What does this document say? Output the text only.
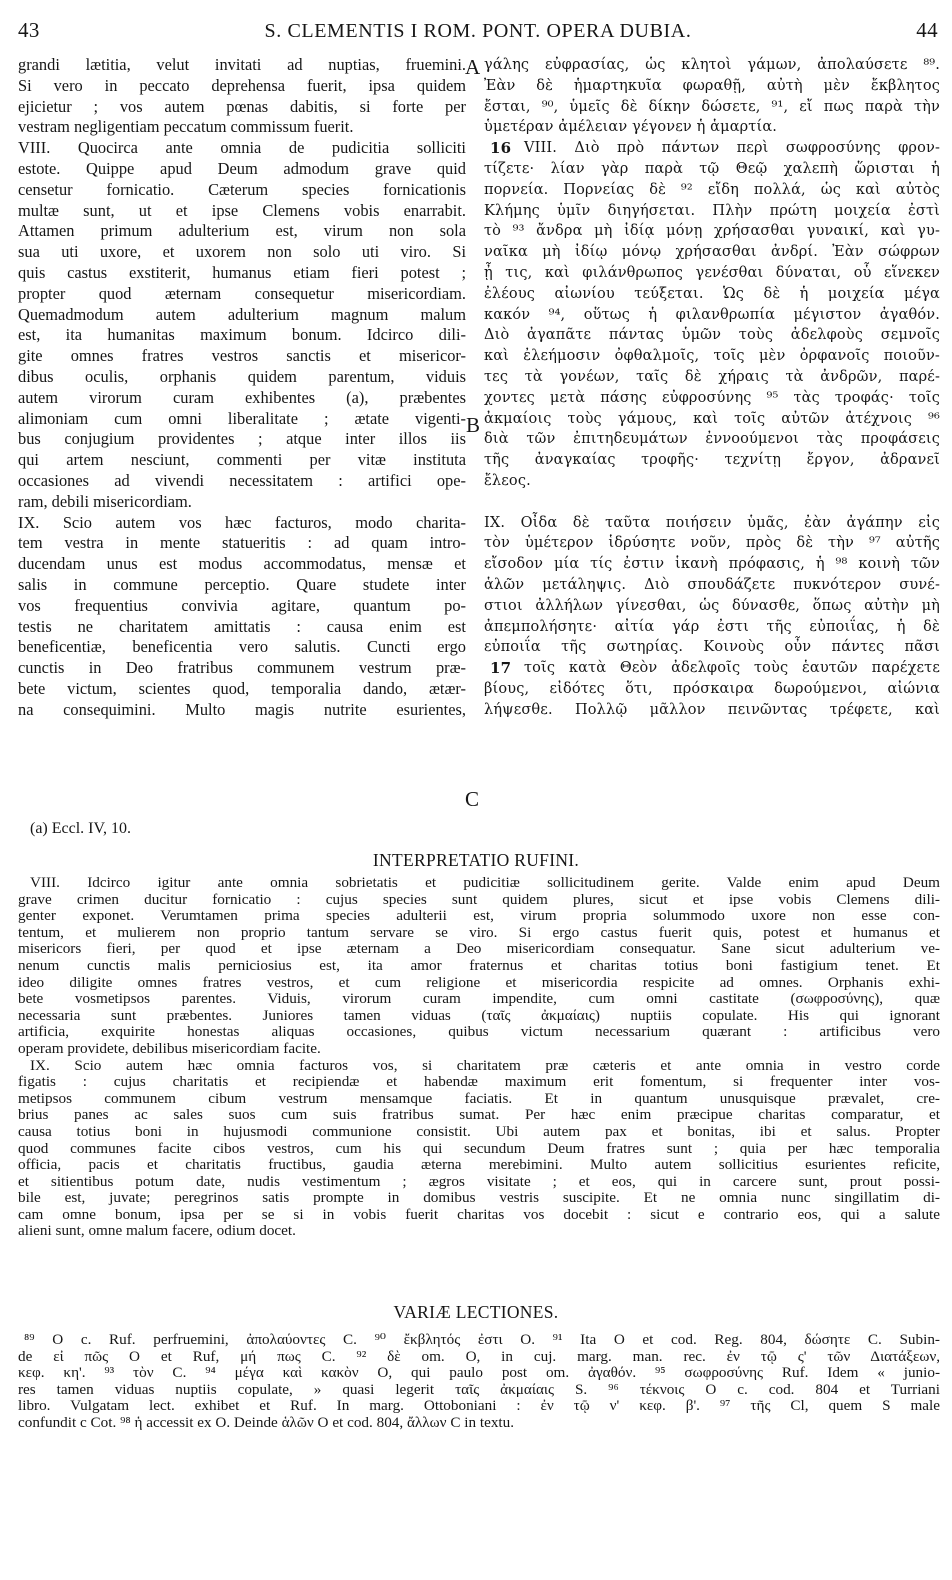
43	S. CLEMENTIS I ROM. PONT. OPERA DUBIA.	44
grandi lætitia, velut invitati ad nuptias, fruemini.
Si vero in peccato deprehensa fuerit, ipsa quidem
ejicietur ; vos autem pœnas dabitis, si forte per
vestram negligentiam peccatum commissum fuerit.
VIII. Quocirca ante omnia de pudicitia solliciti
estote. Quippe apud Deum admodum grave quid
censetur fornicatio. Cæterum species fornicationis
multæ sunt, ut et ipse Clemens vobis enarrabit.
Attamen primum adulterium est, virum non sola
sua uti uxore, et uxorem non solo uti viro. Si
quis castus exstiterit, humanus etiam fieri potest ;
propter quod æternam consequetur misericordiam.
Quemadmodum autem adulterium magnum malum
est, ita humanitas maximum bonum. Idcirco dili-
gite omnes fratres vestros sanctis et misericor-
dibus oculis, orphanis quidem parentum, viduis
autem virorum curam exhibentes (a), præbentes
alimoniam cum omni liberalitate ; ætate vigenti-
bus conjugium providentes ; atque inter illos iis
qui artem nesciunt, commenti per vitæ instituta
occasiones ad vivendi necessitatem : artifici ope-
ram, debili misericordiam.
IX. Scio autem vos hæc facturos, modo charita-
tem vestra in mente statueritis : ad quam intro-
ducendam unus est modus accommodatus, mensæ et
salis in commune perceptio. Quare studete inter
vos frequentius convivia agitare, quantum po-
testis ne charitatem amittatis : causa enim est
beneficentiæ, beneficentia vero salutis. Cuncti ergo
cunctis in Deo fratribus communem vestrum præ-
bete victum, scientes quod, temporalia dando, ætær-
na consequimini. Multo magis nutrite esurientes,
γάλης εὐφρασίας, ὡς κλητοὶ γάμων, ἀπολαύσετε ⁸⁹.
Ἐὰν δὲ ἡμαρτηκυῖα φωραθῇ, αὐτὴ μὲν ἔκβλητος
ἔσται, ⁹⁰, ὑμεῖς δὲ δίκην δώσετε, ⁹¹, εἴ πως παρὰ τὴν
ὑμετέραν ἀμέλειαν γέγονεν ἡ ἁμαρτία.
16 VIII. Διὸ πρὸ πάντων περὶ σωφροσύνης φρον-
τίζετε· λίαν γὰρ παρὰ τῷ Θεῷ χαλεπὴ ὥρισται ἡ
πορνεία. Πορνείας δὲ ⁹² εἴδη πολλά, ὡς καὶ αὐτὸς
Κλήμης ὑμῖν διηγήσεται. Πλὴν πρώτη μοιχεία ἐστὶ
τὸ ⁹³ ἄνδρα μὴ ἰδίᾳ μόνῃ χρήσασθαι γυναικί, καὶ γυ-
ναῖκα μὴ ἰδίῳ μόνῳ χρήσασθαι ἀνδρί. Ἐὰν σώφρων
ᾖ τις, καὶ φιλάνθρωπος γενέσθαι δύναται, οὗ εἵνεκεν
ἐλέους αἰωνίου τεύξεται. Ὡς δὲ ἡ μοιχεία μέγα
κακόν ⁹⁴, οὕτως ἡ φιλανθρωπία μέγιστον ἀγαθόν.
Διὸ ἀγαπᾶτε πάντας ὑμῶν τοὺς ἀδελφοὺς σεμνοῖς
καὶ ἐλεήμοσιν ὀφθαλμοῖς, τοῖς μὲν ὀρφανοῖς ποιοῦν-
τες τὰ γονέων, ταῖς δὲ χήραις τὰ ἀνδρῶν, παρέ-
χοντες μετὰ πάσης εὐφροσύνης ⁹⁵ τὰς τροφάς· τοῖς
ἀκμαίοις τοὺς γάμους, καὶ τοῖς αὐτῶν ἀτέχνοις ⁹⁶
διὰ τῶν ἐπιτηδευμάτων ἐννοούμενοι τὰς προφάσεις
τῆς ἀναγκαίας τροφῆς· τεχνίτῃ ἔργον, ἀδρανεῖ
ἔλεος.
IX. Οἶδα δὲ ταῦτα ποιήσειν ὑμᾶς, ἐὰν ἀγάπην εἰς
τὸν ὑμέτερον ἱδρύσητε νοῦν, πρὸς δὲ τὴν ⁹⁷ αὐτῆς
εἴσοδον μία τίς ἐστιν ἱκανὴ πρόφασις, ἡ ⁹⁸ κοινὴ τῶν
ἁλῶν μετάληψις. Διὸ σπουδάζετε πυκνότερον συνέ-
στιοι ἀλλήλων γίνεσθαι, ὡς δύνασθε, ὅπως αὐτὴν μὴ
ἀπεμπολήσητε· αἰτία γάρ ἐστι τῆς εὐποιΐας, ἡ δὲ
εὐποιΐα τῆς σωτηρίας. Κοινοὺς οὖν πάντες πᾶσι
17 τοῖς κατὰ Θεὸν ἀδελφοῖς τοὺς ἑαυτῶν παρέχετε
βίους, εἰδότες ὅτι, πρόσκαιρα δωρούμενοι, αἰώνια
λήψεσθε. Πολλῷ μᾶλλον πεινῶντας τρέφετε, καὶ
A
B
C
(a) Eccl. IV, 10.
INTERPRETATIO RUFINI.
VIII. Idcirco igitur ante omnia sobrietatis et pudicitiæ sollicitudinem gerite. Valde enim apud Deum
grave crimen ducitur fornicatio : cujus species sunt quidem plures, sicut et ipse vobis Clemens dili-
genter exponet. Verumtamen prima species adulterii est, virum propria solummodo uxore non esse con-
tentum, et mulierem non proprio tantum servare se viro. Si ergo castus fuerit quis, potest et humanus et
misericors fieri, per quod et ipse æternam a Deo misericordiam consequatur. Sane sicut adulterium ve-
nenum cunctis malis perniciosius est, ita amor fraternus et charitas totius boni fastigium tenet. Et
ideo diligite omnes fratres vestros, et cum religione et misericordia respicite ad omnes. Orphanis exhi-
bete vosmetipsos parentes. Viduis, virorum curam impendite, cum omni castitate (σωφροσύνης), quæ
necessaria sunt præbentes. Juniores tamen viduas (ταῖς ἀκμαίαις) nuptiis copulate. His qui ignorant
artificia, exquirite honestas aliquas occasiones, quibus victum necessarium quærant : artificibus vero
operam providete, debilibus misericordiam facite.
IX. Scio autem hæc omnia facturos vos, si charitatem præ cæteris et ante omnia in vestro corde
figatis : cujus charitatis et recipiendæ et habendæ maximum erit fomentum, si frequenter inter vos-
metipsos communem cibum vestrum mensamque faciatis. Et in quantum unusquisque prævalet, cre-
brius panes ac sales suos cum suis fratribus sumat. Per hæc enim præcipue charitas comparatur, et
causa totius boni in hujusmodi communione consistit. Ubi autem pax et bonitas, ibi et salus. Propter
quod communes facite cibos vestros, cum his qui secundum Deum fratres sunt ; quia per hæc temporalia
officia, pacis et charitatis fructibus, gaudia æterna merebimini. Multo autem sollicitius esurientes reficite,
et sitientibus potum date, nudis vestimentum ; ægros visitate ; et eos, qui in carcere sunt, prout possi-
bile est, juvate; peregrinos satis prompte in domibus vestris suscipite. Et ne omnia nunc singillatim di-
cam omne bonum, ipsa per se si in vobis fuerit charitas vos docebit : sicut e contrario eos, qui a salute
alieni sunt, omne malum facere, odium docet.
VARIÆ LECTIONES.
⁸⁹ O c. Ruf. perfruemini, ἀπολαύοντες C. ⁹⁰ ἔκβλητός ἐστι O. ⁹¹ Ita O et cod. Reg. 804, δώσητε C. Subin-
de εἰ πῶς O et Ruf, μή πως C. ⁹² δὲ om. O, in cuj. marg. man. rec. ἐν τῷ ς' τῶν Διατάξεων,
κεφ. κη'. ⁹³ τὸν C. ⁹⁴ μέγα καὶ κακὸν O, qui paulo post om. ἀγαθόν. ⁹⁵ σωφροσύνης Ruf. Idem « junio-
res tamen viduas nuptiis copulate, » quasi legerit ταῖς ἀκμαίαις S. ⁹⁶ τέκνοις O c. cod. 804 et Turriani
libro. Vulgatam lect. exhibet et Ruf. In marg. Ottoboniani : ἐν τῷ ν' κεφ. β'. ⁹⁷ τῆς Cl, quem S male
confundit c Cot. ⁹⁸ ἡ accessit ex O. Deinde ἁλῶν O et cod. 804, ἄλλων C in textu.
